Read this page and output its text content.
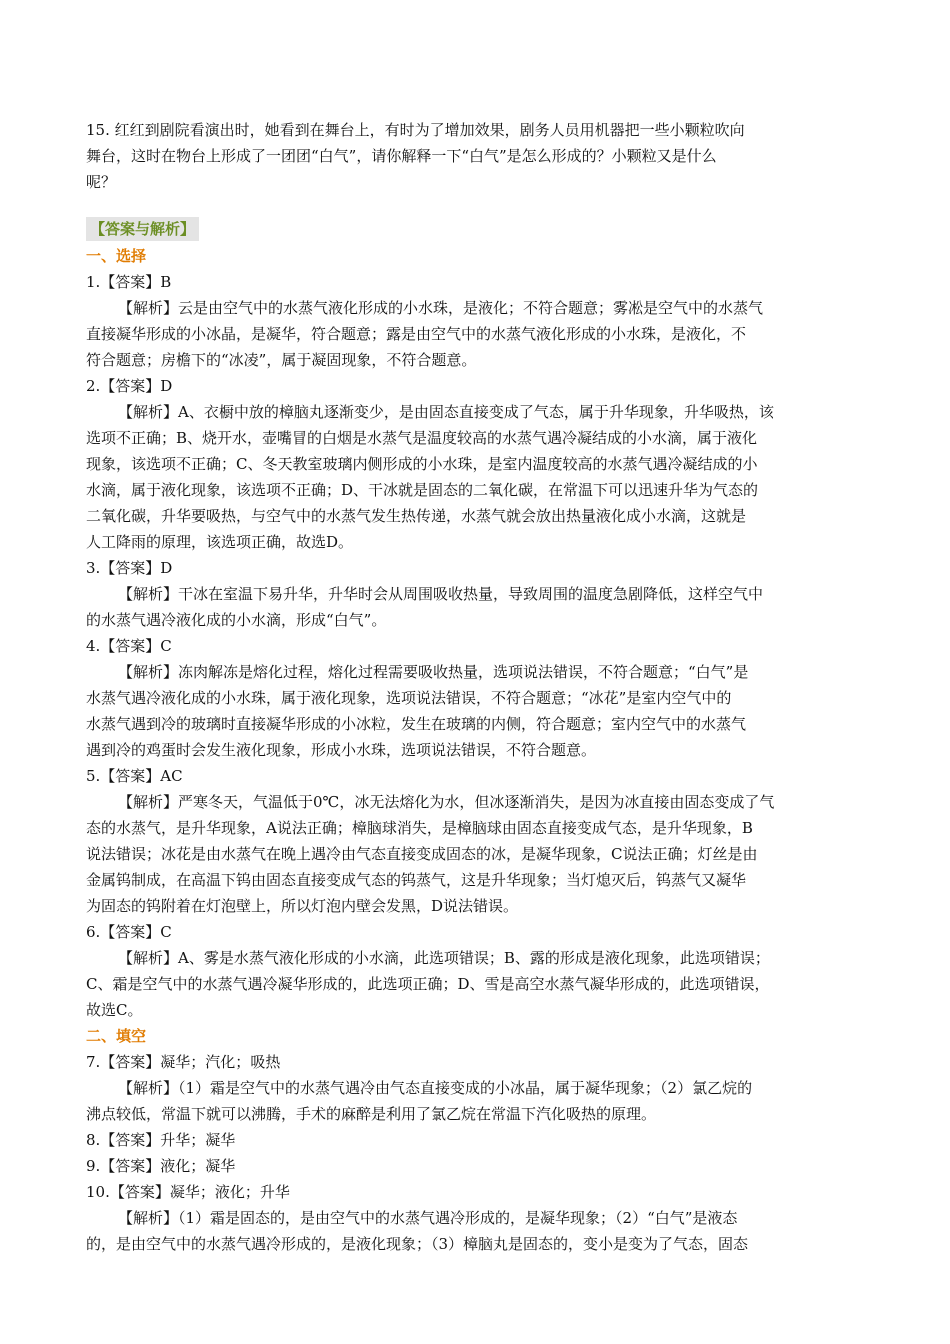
15. 红红到剧院看演出时，她看到在舞台上，有时为了增加效果，剧务人员用机器把一些小颗粒吹向
舞台，这时在物台上形成了一团团“白气”，请你解释一下“白气”是怎么形成的？小颗粒又是什么
呢？
【答案与解析】
一、选择
1.【答案】B
【解析】云是由空气中的水蒸气液化形成的小水珠，是液化；不符合题意；雾凇是空气中的水蒸气
直接凝华形成的小冰晶，是凝华，符合题意；露是由空气中的水蒸气液化形成的小水珠，是液化，不
符合题意；房檐下的“冰凌”，属于凝固现象，不符合题意。
2.【答案】D
【解析】A、衣橱中放的樟脑丸逐渐变少，是由固态直接变成了气态，属于升华现象，升华吸热，该
选项不正确；B、烧开水，壶嘴冒的白烟是水蒸气是温度较高的水蒸气遇冷凝结成的小水滴，属于液化
现象，该选项不正确；C、冬天教室玻璃内侧形成的小水珠，是室内温度较高的水蒸气遇冷凝结成的小
水滴，属于液化现象，该选项不正确；D、干冰就是固态的二氧化碳，在常温下可以迅速升华为气态的
二氧化碳，升华要吸热，与空气中的水蒸气发生热传递，水蒸气就会放出热量液化成小水滴，这就是
人工降雨的原理，该选项正确，故选D。
3.【答案】D
【解析】干冰在室温下易升华，升华时会从周围吸收热量，导致周围的温度急剧降低，这样空气中
的水蒸气遇冷液化成的小水滴，形成“白气”。
4.【答案】C
【解析】冻肉解冻是熔化过程，熔化过程需要吸收热量，选项说法错误，不符合题意；“白气”是
水蒸气遇冷液化成的小水珠，属于液化现象，选项说法错误，不符合题意；“冰花”是室内空气中的
水蒸气遇到冷的玻璃时直接凝华形成的小冰粒，发生在玻璃的内侧，符合题意；室内空气中的水蒸气
遇到冷的鸡蛋时会发生液化现象，形成小水珠，选项说法错误，不符合题意。
5.【答案】AC
【解析】严寒冬天，气温低于0℃，冰无法熔化为水，但冰逐渐消失，是因为冰直接由固态变成了气
态的水蒸气，是升华现象，A说法正确；樟脑球消失，是樟脑球由固态直接变成气态，是升华现象，B
说法错误；冰花是由水蒸气在晚上遇冷由气态直接变成固态的冰，是凝华现象，C说法正确；灯丝是由
金属钨制成，在高温下钨由固态直接变成气态的钨蒸气，这是升华现象；当灯熄灭后，钨蒸气又凝华
为固态的钨附着在灯泡壁上，所以灯泡内壁会发黑，D说法错误。
6.【答案】C
【解析】A、雾是水蒸气液化形成的小水滴，此选项错误；B、露的形成是液化现象，此选项错误；
C、霜是空气中的水蒸气遇冷凝华形成的，此选项正确；D、雪是高空水蒸气凝华形成的，此选项错误，
故选C。
二、填空
7.【答案】凝华；汽化；吸热
【解析】（1）霜是空气中的水蒸气遇冷由气态直接变成的小冰晶，属于凝华现象；（2）氯乙烷的
沸点较低，常温下就可以沸腾，手术的麻醉是利用了氯乙烷在常温下汽化吸热的原理。
8.【答案】升华；凝华
9.【答案】液化；凝华
10.【答案】凝华；液化；升华
【解析】（1）霜是固态的，是由空气中的水蒸气遇冷形成的，是凝华现象；（2）“白气”是液态
的，是由空气中的水蒸气遇冷形成的，是液化现象；（3）樟脑丸是固态的，变小是变为了气态，固态
